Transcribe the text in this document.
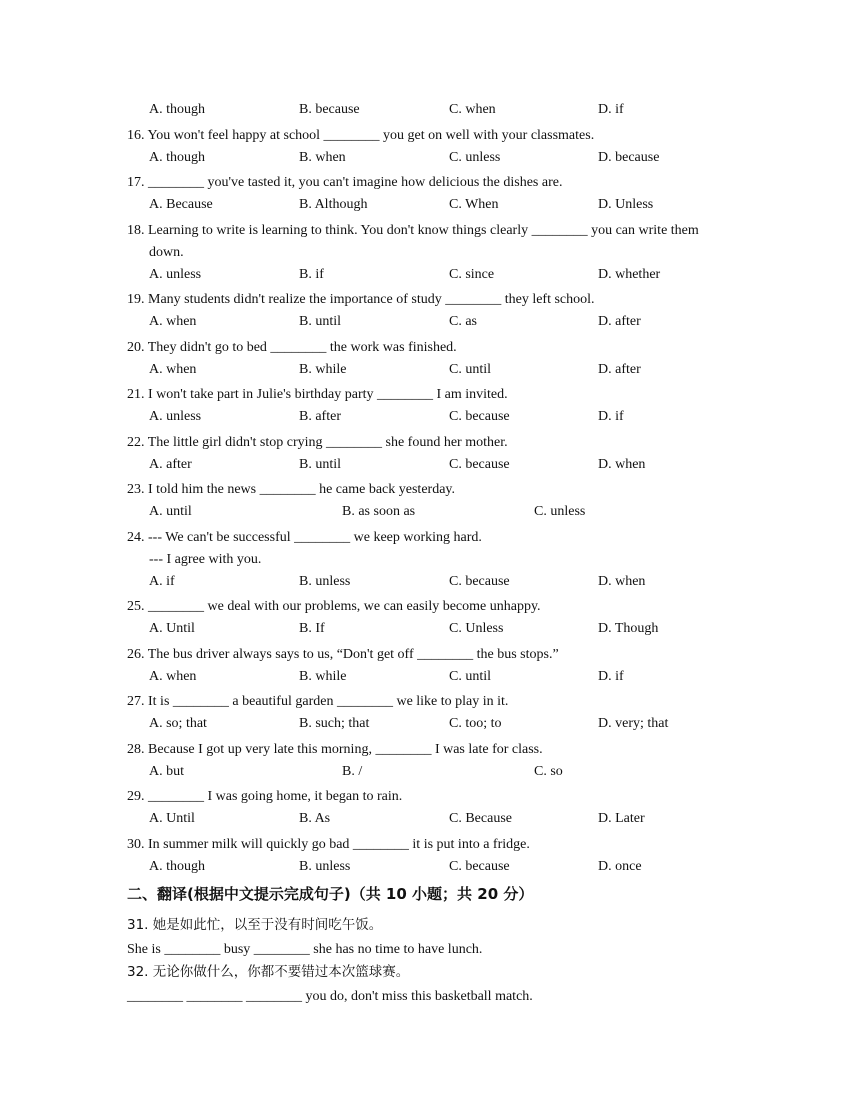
A. though	B. because	C. when	D. if
16. You won't feel happy at school ________ you get on well with your classmates.
A. though	B. when	C. unless	D. because
17. ________ you've tasted it, you can't imagine how delicious the dishes are.
A. Because	B. Although	C. When	D. Unless
18. Learning to write is learning to think. You don't know things clearly ________ you can write them
down.
A. unless	B. if	C. since	D. whether
19. Many students didn't realize the importance of study ________ they left school.
A. when	B. until	C. as	D. after
20. They didn't go to bed ________ the work was finished.
A. when	B. while	C. until	D. after
21. I won't take part in Julie's birthday party ________ I am invited.
A. unless	B. after	C. because	D. if
22. The little girl didn't stop crying ________ she found her mother.
A. after	B. until	C. because	D. when
23. I told him the news ________ he came back yesterday.
A. until	B. as soon as	C. unless
24. --- We can't be successful ________ we keep working hard.
--- I agree with you.
A. if	B. unless	C. because	D. when
25. ________ we deal with our problems, we can easily become unhappy.
A. Until	B. If	C. Unless	D. Though
26. The bus driver always says to us, “Don't get off ________ the bus stops.”
A. when	B. while	C. until	D. if
27. It is ________ a beautiful garden ________ we like to play in it.
A. so; that	B. such; that	C. too; to	D. very; that
28. Because I got up very late this morning, ________ I was late for class.
A. but	B. /	C. so
29. ________ I was going home, it began to rain.
A. Until	B. As	C. Because	D. Later
30. In summer milk will quickly go bad ________ it is put into a fridge.
A. though	B. unless	C. because	D. once
二、翻译(根据中文提示完成句子)（共 10 小题；共 20 分）
31. 她是如此忙，以至于没有时间吃午饭。
She is ________ busy ________ she has no time to have lunch.
32. 无论你做什么，你都不要错过本次篮球赛。
________ ________ ________ you do, don't miss this basketball match.
